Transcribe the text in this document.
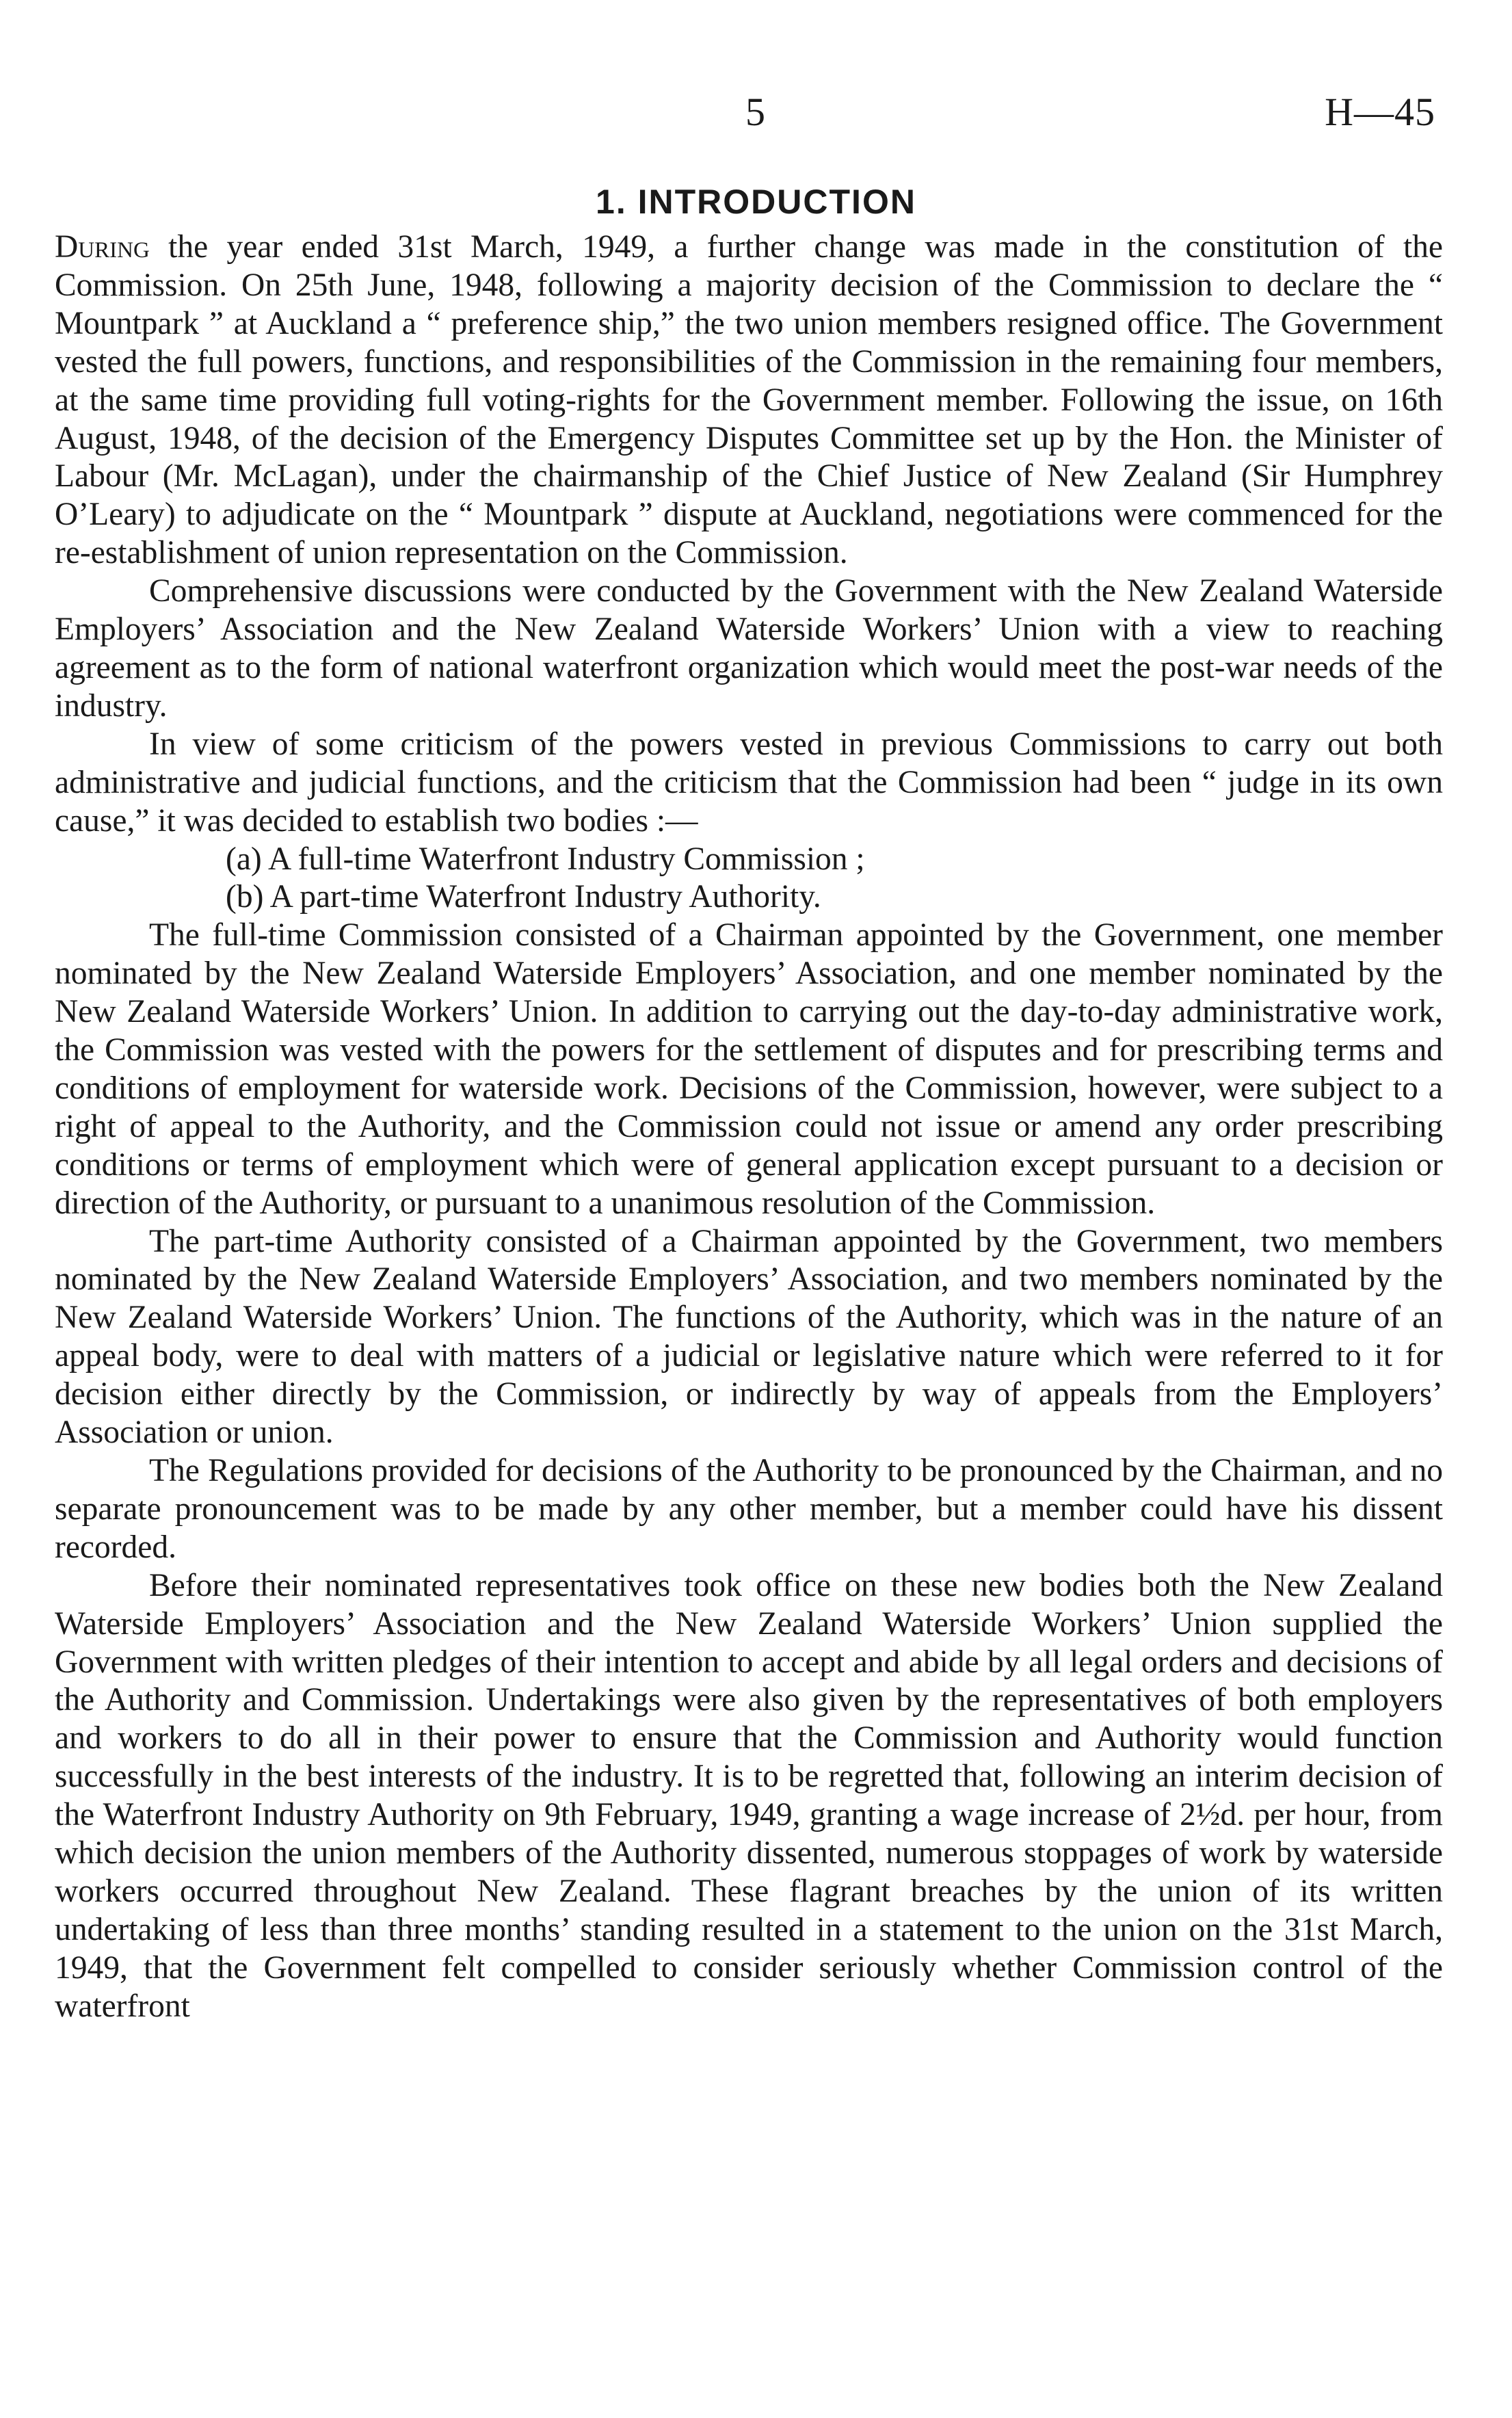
5	H—45
1. INTRODUCTION

During the year ended 31st March, 1949, a further change was made in the constitution of the Commission. On 25th June, 1948, following a majority decision of the Commission to declare the “ Mountpark ” at Auckland a “ preference ship,” the two union members resigned office. The Government vested the full powers, functions, and responsibilities of the Commission in the remaining four members, at the same time providing full voting-rights for the Government member. Following the issue, on 16th August, 1948, of the decision of the Emergency Disputes Committee set up by the Hon. the Minister of Labour (Mr. McLagan), under the chairmanship of the Chief Justice of New Zealand (Sir Humphrey O’Leary) to adjudicate on the “ Mountpark ” dispute at Auckland, negotiations were commenced for the re-establishment of union representation on the Commission.

Comprehensive discussions were conducted by the Government with the New Zealand Waterside Employers’ Association and the New Zealand Waterside Workers’ Union with a view to reaching agreement as to the form of national waterfront organization which would meet the post-war needs of the industry.

In view of some criticism of the powers vested in previous Commissions to carry out both administrative and judicial functions, and the criticism that the Commission had been “ judge in its own cause,” it was decided to establish two bodies :—

(a) A full-time Waterfront Industry Commission ;
(b) A part-time Waterfront Industry Authority.

The full-time Commission consisted of a Chairman appointed by the Government, one member nominated by the New Zealand Waterside Employers’ Association, and one member nominated by the New Zealand Waterside Workers’ Union. In addition to carrying out the day-to-day administrative work, the Commission was vested with the powers for the settlement of disputes and for prescribing terms and conditions of employment for waterside work. Decisions of the Commission, however, were subject to a right of appeal to the Authority, and the Commission could not issue or amend any order prescribing conditions or terms of employment which were of general application except pursuant to a decision or direction of the Authority, or pursuant to a unanimous resolution of the Commission.

The part-time Authority consisted of a Chairman appointed by the Government, two members nominated by the New Zealand Waterside Employers’ Association, and two members nominated by the New Zealand Waterside Workers’ Union. The functions of the Authority, which was in the nature of an appeal body, were to deal with matters of a judicial or legislative nature which were referred to it for decision either directly by the Commission, or indirectly by way of appeals from the Employers’ Association or union.

The Regulations provided for decisions of the Authority to be pronounced by the Chairman, and no separate pronouncement was to be made by any other member, but a member could have his dissent recorded.

Before their nominated representatives took office on these new bodies both the New Zealand Waterside Employers’ Association and the New Zealand Waterside Workers’ Union supplied the Government with written pledges of their intention to accept and abide by all legal orders and decisions of the Authority and Commission. Undertakings were also given by the representatives of both employers and workers to do all in their power to ensure that the Commission and Authority would function successfully in the best interests of the industry. It is to be regretted that, following an interim decision of the Waterfront Industry Authority on 9th February, 1949, granting a wage increase of 2½d. per hour, from which decision the union members of the Authority dissented, numerous stoppages of work by waterside workers occurred throughout New Zealand. These flagrant breaches by the union of its written undertaking of less than three months’ standing resulted in a statement to the union on the 31st March, 1949, that the Government felt compelled to consider seriously whether Commission control of the waterfront
